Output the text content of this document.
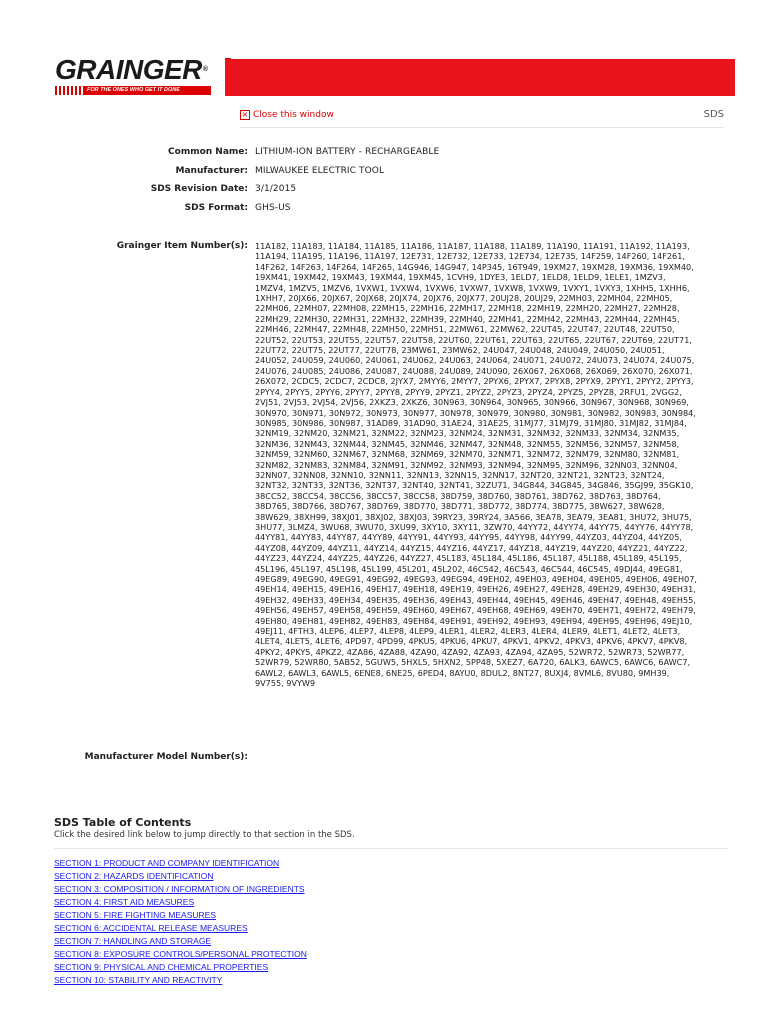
GRAINGER®
FOR THE ONES WHO GET IT DONE
× Close this window	SDS
Common Name: LITHIUM-ION BATTERY - RECHARGEABLE
Manufacturer: MILWAUKEE ELECTRIC TOOL
SDS Revision Date: 3/1/2015
SDS Format: GHS-US
Grainger Item Number(s): 11A182, 11A183, 11A184, 11A185, 11A186, 11A187, 11A188, 11A189, 11A190, 11A191, 11A192, 11A193, 11A194, 11A195, 11A196, 11A197, 12E731, 12E732, 12E733, 12E734, 12E735, 14F259, 14F260, 14F261, 14F262, 14F263, 14F264, 14F265, 14G946, 14G947, 14P345, 16T949, 19XM27, 19XM28, 19XM36, 19XM40, 19XM41, 19XM42, 19XM43, 19XM44, 19XM45, 1CVH9, 1DYE3, 1ELD7, 1ELD8, 1ELD9, 1ELE1, 1MZV3, 1MZV4, 1MZV5, 1MZV6, 1VXW1, 1VXW4, 1VXW6, 1VXW7, 1VXW8, 1VXW9, 1VXY1, 1VXY3, 1XHH5, 1XHH6, 1XHH7, 20JX66, 20JX67, 20JX68, 20JX74, 20JX76, 20JX77, 20UJ28, 20UJ29, 22MH03, 22MH04, 22MH05, 22MH06, 22MH07, 22MH08, 22MH15, 22MH16, 22MH17, 22MH18, 22MH19, 22MH20, 22MH27, 22MH28, 22MH29, 22MH30, 22MH31, 22MH32, 22MH39, 22MH40, 22MH41, 22MH42, 22MH43, 22MH44, 22MH45, 22MH46, 22MH47, 22MH48, 22MH50, 22MH51, 22MW61, 22MW62, 22UT45, 22UT47, 22UT48, 22UT50, 22UT52, 22UT53, 22UT55, 22UT57, 22UT58, 22UT60, 22UT61, 22UT63, 22UT65, 22UT67, 22UT69, 22UT71, 22UT72, 22UT75, 22UT77, 22UT78, 23MW61, 23MW62, 24U047, 24U048, 24U049, 24U050, 24U051, 24U052, 24U059, 24U060, 24U061, 24U062, 24U063, 24U064, 24U071, 24U072, 24U073, 24U074, 24U075, 24U076, 24U085, 24U086, 24U087, 24U088, 24U089, 24U090, 26X067, 26X068, 26X069, 26X070, 26X071, 26X072, 2CDC5, 2CDC7, 2CDC8, 2JYX7, 2MYY6, 2MYY7, 2PYX6, 2PYX7, 2PYX8, 2PYX9, 2PYY1, 2PYY2, 2PYY3, 2PYY4, 2PYY5, 2PYY6, 2PYY7, 2PYY8, 2PYY9, 2PYZ1, 2PYZ2, 2PYZ3, 2PYZ4, 2PYZ5, 2PYZ8, 2RFU1, 2VGG2, 2VJ51, 2VJ53, 2VJ54, 2VJ56, 2XKZ3, 2XKZ6, 30N963, 30N964, 30N965, 30N966, 30N967, 30N968, 30N969, 30N970, 30N971, 30N972, 30N973, 30N977, 30N978, 30N979, 30N980, 30N981, 30N982, 30N983, 30N984, 30N985, 30N986, 30N987, 31AD89, 31AD90, 31AE24, 31AE25, 31MJ77, 31MJ79, 31MJ80, 31MJ82, 31MJ84, 32NM19, 32NM20, 32NM21, 32NM22, 32NM23, 32NM24, 32NM31, 32NM32, 32NM33, 32NM34, 32NM35, 32NM36, 32NM43, 32NM44, 32NM45, 32NM46, 32NM47, 32NM48, 32NM55, 32NM56, 32NM57, 32NM58, 32NM59, 32NM60, 32NM67, 32NM68, 32NM69, 32NM70, 32NM71, 32NM72, 32NM79, 32NM80, 32NM81, 32NM82, 32NM83, 32NM84, 32NM91, 32NM92, 32NM93, 32NM94, 32NM95, 32NM96, 32NN03, 32NN04, 32NN07, 32NN08, 32NN10, 32NN11, 32NN13, 32NN15, 32NN17, 32NT20, 32NT21, 32NT23, 32NT24, 32NT32, 32NT33, 32NT36, 32NT37, 32NT40, 32NT41, 32ZU71, 34G844, 34G845, 34G846, 35GJ99, 35GK10, 38CC52, 38CC54, 38CC56, 38CC57, 38CC58, 38D759, 38D760, 38D761, 38D762, 38D763, 38D764, 38D765, 38D766, 38D767, 38D769, 38D770, 38D771, 38D772, 38D774, 38D775, 38W627, 38W628, 38W629, 38XH99, 38XJ01, 38XJ02, 38XJ03, 39RY23, 39RY24, 3A566, 3EA78, 3EA79, 3EA81, 3HU72, 3HU75, 3HU77, 3LMZ4, 3WU68, 3WU70, 3XU99, 3XY10, 3XY11, 3ZW70, 44YY72, 44YY74, 44YY75, 44YY76, 44YY78, 44YY81, 44YY83, 44YY87, 44YY89, 44YY91, 44YY93, 44YY95, 44YY98, 44YY99, 44YZ03, 44YZ04, 44YZ05, 44YZ08, 44YZ09, 44YZ11, 44YZ14, 44YZ15, 44YZ16, 44YZ17, 44YZ18, 44YZ19, 44YZ20, 44YZ21, 44YZ22, 44YZ23, 44YZ24, 44YZ25, 44YZ26, 44YZ27, 45L183, 45L184, 45L186, 45L187, 45L188, 45L189, 45L195, 45L196, 45L197, 45L198, 45L199, 45L201, 45L202, 46C542, 46C543, 46C544, 46C545, 49DJ44, 49EG81, 49EG89, 49EG90, 49EG91, 49EG92, 49EG93, 49EG94, 49EH02, 49EH03, 49EH04, 49EH05, 49EH06, 49EH07, 49EH14, 49EH15, 49EH16, 49EH17, 49EH18, 49EH19, 49EH26, 49EH27, 49EH28, 49EH29, 49EH30, 49EH31, 49EH32, 49EH33, 49EH34, 49EH35, 49EH36, 49EH43, 49EH44, 49EH45, 49EH46, 49EH47, 49EH48, 49EH55, 49EH56, 49EH57, 49EH58, 49EH59, 49EH60, 49EH67, 49EH68, 49EH69, 49EH70, 49EH71, 49EH72, 49EH79, 49EH80, 49EH81, 49EH82, 49EH83, 49EH84, 49EH91, 49EH92, 49EH93, 49EH94, 49EH95, 49EH96, 49EJ10, 49EJ11, 4FTH3, 4LEP6, 4LEP7, 4LEP8, 4LEP9, 4LER1, 4LER2, 4LER3, 4LER4, 4LER9, 4LET1, 4LET2, 4LET3, 4LET4, 4LET5, 4LET6, 4PD97, 4PD99, 4PKU5, 4PKU6, 4PKU7, 4PKV1, 4PKV2, 4PKV3, 4PKV6, 4PKV7, 4PKV8, 4PKY2, 4PKY5, 4PKZ2, 4ZA86, 4ZA88, 4ZA90, 4ZA92, 4ZA93, 4ZA94, 4ZA95, 52WR72, 52WR73, 52WR77, 52WR79, 52WR80, 5AB52, 5GUW5, 5HXL5, 5HXN2, 5PP48, 5XEZ7, 6A720, 6ALK3, 6AWC5, 6AWC6, 6AWC7, 6AWL2, 6AWL3, 6AWL5, 6ENE8, 6NE25, 6PED4, 8AYU0, 8DUL2, 8NT27, 8UXJ4, 8VML6, 8VU80, 9MH39, 9V755, 9VYW9
Manufacturer Model Number(s):
SDS Table of Contents
Click the desired link below to jump directly to that section in the SDS.
SECTION 1: PRODUCT AND COMPANY IDENTIFICATION
SECTION 2: HAZARDS IDENTIFICATION
SECTION 3: COMPOSITION / INFORMATION OF INGREDIENTS
SECTION 4: FIRST AID MEASURES
SECTION 5: FIRE FIGHTING MEASURES
SECTION 6: ACCIDENTAL RELEASE MEASURES
SECTION 7: HANDLING AND STORAGE
SECTION 8: EXPOSURE CONTROLS/PERSONAL PROTECTION
SECTION 9: PHYSICAL AND CHEMICAL PROPERTIES
SECTION 10: STABILITY AND REACTIVITY
